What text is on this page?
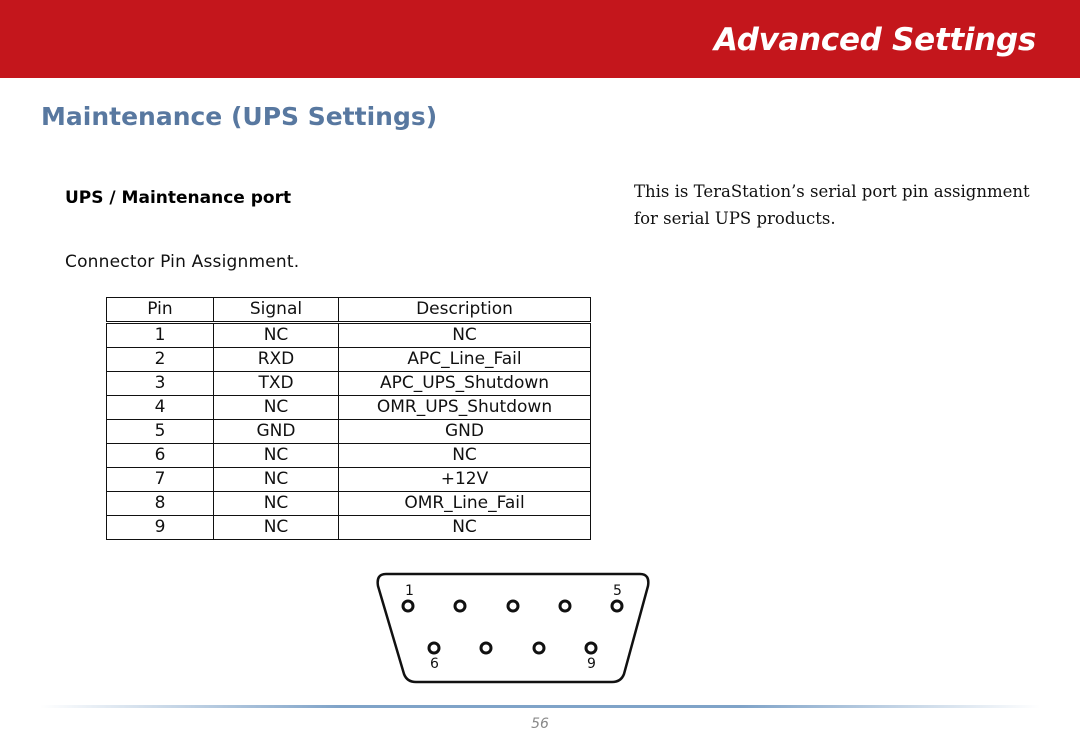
Advanced Settings
Maintenance (UPS Settings)
UPS / Maintenance port
Connector Pin Assignment.
This is TeraStation’s serial port pin assignment for serial UPS products.
Pin	Signal	Description
1	NC	NC
2	RXD	APC_Line_Fail
3	TXD	APC_UPS_Shutdown
4	NC	OMR_UPS_Shutdown
5	GND	GND
6	NC	NC
7	NC	+12V
8	NC	OMR_Line_Fail
9	NC	NC
1	5
6	9
56
